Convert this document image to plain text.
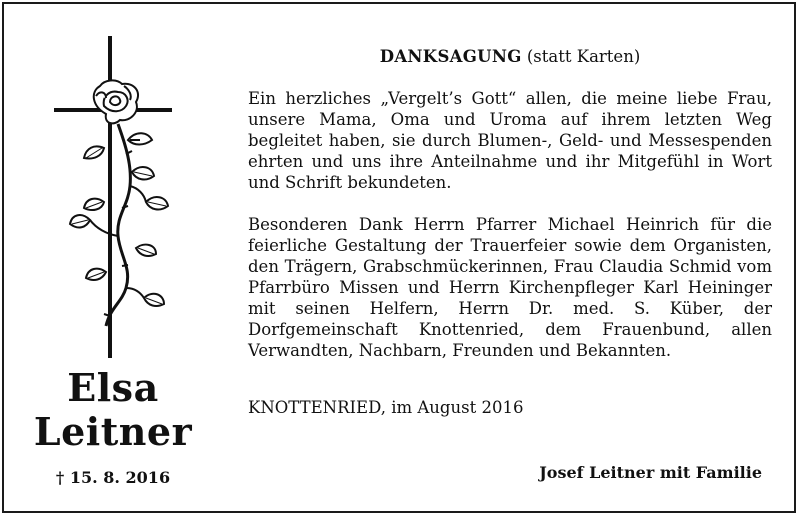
Elsa
Leitner
† 15. 8. 2016

DANKSAGUNG (statt Karten)

Ein herzliches „Vergelt’s Gott“ allen, die meine liebe Frau, unsere Mama, Oma und Uroma auf ihrem letzten Weg begleitet haben, sie durch Blumen-, Geld- und Messespenden ehrten und uns ihre Anteilnahme und ihr Mitgefühl in Wort und Schrift bekundeten.

Besonderen Dank Herrn Pfarrer Michael Heinrich für die feierliche Gestaltung der Trauerfeier sowie dem Organisten, den Trägern, Grabschmückerinnen, Frau Claudia Schmid vom Pfarrbüro Missen und Herrn Kirchenpfleger Karl Heininger mit seinen Helfern, Herrn Dr. med. S. Küber, der Dorfgemeinschaft Knottenried, dem Frauenbund, allen Verwandten, Nachbarn, Freunden und Bekannten.

KNOTTENRIED, im August 2016
Josef Leitner mit Familie
